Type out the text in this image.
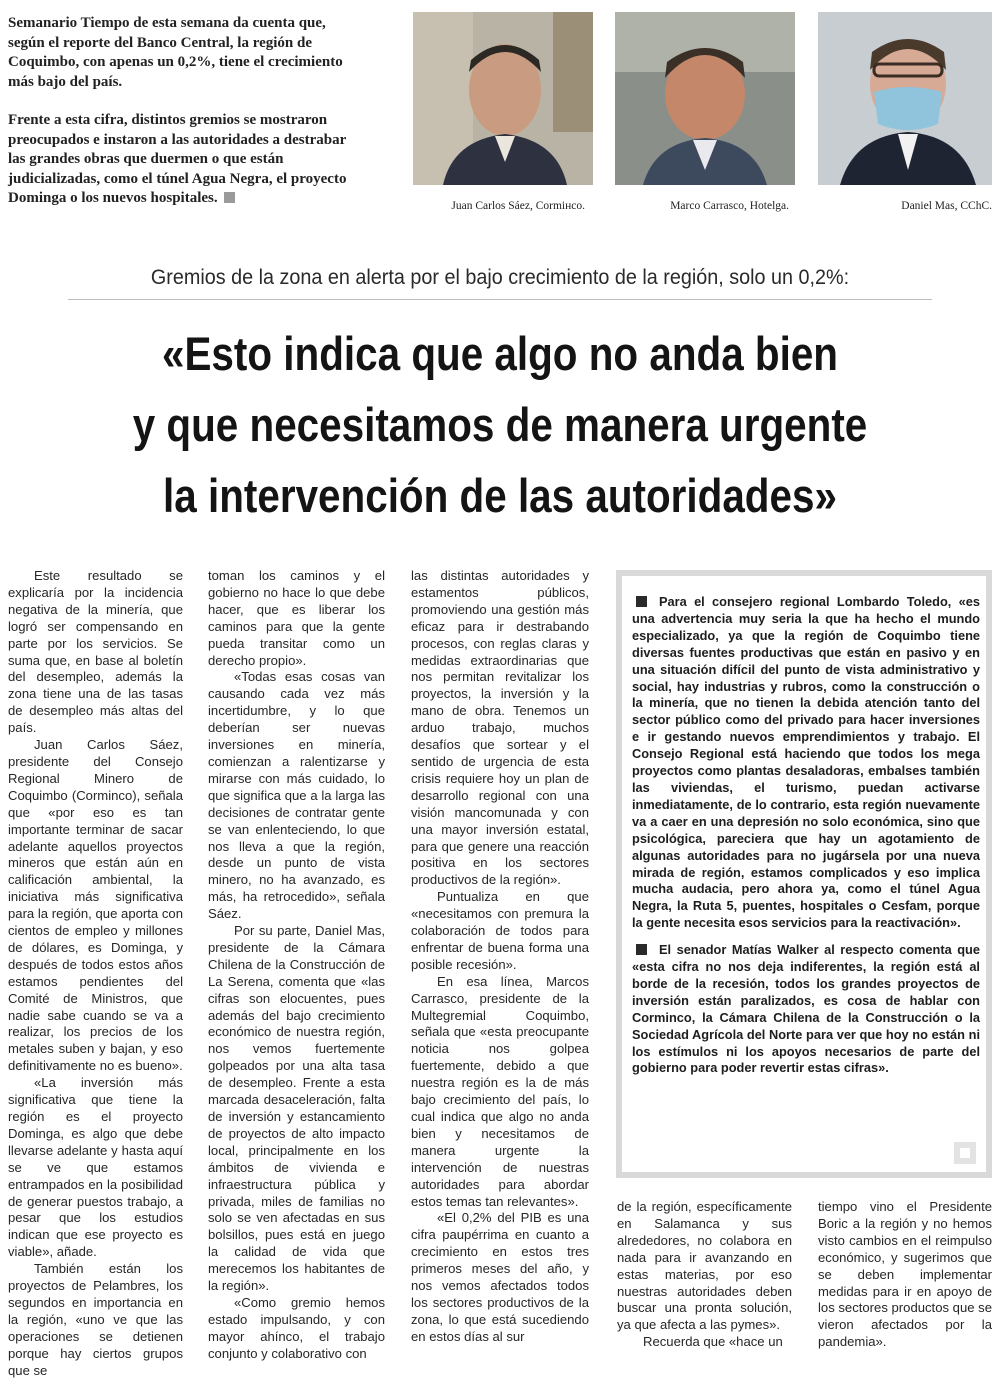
Semanario Tiempo de esta semana da cuenta que, según el reporte del Banco Central, la región de Coquimbo, con apenas un 0,2%, tiene el crecimiento más bajo del país.

Frente a esta cifra, distintos gremios se mostraron preocupados e instaron a las autoridades a destrabar las grandes obras que duermen o que están judicializadas, como el túnel Agua Negra, el proyecto Dominga o los nuevos hospitales.	Juan Carlos Sáez, Cormінco.	Marco Carrasco, Hotelga.	Daniel Mas, CChC.
Gremios de la zona en alerta por el bajo crecimiento de la región, solo un 0,2%:
«Esto indica que algo no anda bien
y que necesitamos de manera urgente
la intervención de las autoridades»

Este resultado se explicaría por la incidencia negativa de la minería, que logró ser compensando en parte por los servicios. Se suma que, en base al boletín del desempleo, además la zona tiene una de las tasas de desempleo más altas del país.

Juan Carlos Sáez, presidente del Consejo Regional Minero de Coquimbo (Corminco), señala que «por eso es tan importante terminar de sacar adelante aquellos proyectos mineros que están aún en calificación ambiental, la iniciativa más significativa para la región, que aporta con cientos de empleo y millones de dólares, es Dominga, y después de todos estos años estamos pendientes del Comité de Ministros, que nadie sabe cuando se va a realizar, los precios de los metales suben y bajan, y eso definitivamente no es bueno».

«La inversión más significativa que tiene la región es el proyecto Dominga, es algo que debe llevarse adelante y hasta aquí se ve que estamos entrampados en la posibilidad de generar puestos trabajo, a pesar que los estudios indican que ese proyecto es viable», añade.

También están los proyectos de Pelambres, los segundos en importancia en la región, «uno ve que las operaciones se detienen porque hay ciertos grupos que se

toman los caminos y el gobierno no hace lo que debe hacer, que es liberar los caminos para que la gente pueda transitar como un derecho propio».

«Todas esas cosas van causando cada vez más incertidumbre, y lo que deberían ser nuevas inversiones en minería, comienzan a ralentizarse y mirarse con más cuidado, lo que significa que a la larga las decisiones de contratar gente se van enlenteciendo, lo que nos lleva a que la región, desde un punto de vista minero, no ha avanzado, es más, ha retrocedido», señala Sáez.

Por su parte, Daniel Mas, presidente de la Cámara Chilena de la Construcción de La Serena, comenta que «las cifras son elocuentes, pues además del bajo crecimiento económico de nuestra región, nos vemos fuertemente golpeados por una alta tasa de desempleo. Frente a esta marcada desaceleración, falta de inversión y estancamiento de proyectos de alto impacto local, principalmente en los ámbitos de vivienda e infraestructura pública y privada, miles de familias no solo se ven afectadas en sus bolsillos, pues está en juego la calidad de vida que merecemos los habitantes de la región».

«Como gremio hemos estado impulsando, y con mayor ahínco, el trabajo conjunto y colaborativo con

las distintas autoridades y estamentos públicos, promoviendo una gestión más eficaz para ir destrabando procesos, con reglas claras y medidas extraordinarias que nos permitan revitalizar los proyectos, la inversión y la mano de obra. Tenemos un arduo trabajo, muchos desafíos que sortear y el sentido de urgencia de esta crisis requiere hoy un plan de desarrollo regional con una visión mancomunada y con una mayor inversión estatal, para que genere una reacción positiva en los sectores productivos de la región».

Puntualiza en que «necesitamos con premura la colaboración de todos para enfrentar de buena forma una posible recesión».

En esa línea, Marcos Carrasco, presidente de la Multegremial Coquimbo, señala que «esta preocupante noticia nos golpea fuertemente, debido a que nuestra región es la de más bajo crecimiento del país, lo cual indica que algo no anda bien y necesitamos de manera urgente la intervención de nuestras autoridades para abordar estos temas tan relevantes».

«El 0,2% del PIB es una cifra paupérrima en cuanto a crecimiento en estos tres primeros meses del año, y nos vemos afectados todos los sectores productivos de la zona, lo que está sucediendo en estos días al sur

Para el consejero regional Lombardo Toledo, «es una advertencia muy seria la que ha hecho el mundo especializado, ya que la región de Coquimbo tiene diversas fuentes productivas que están en pasivo y en una situación difícil del punto de vista administrativo y social, hay industrias y rubros, como la construcción o la minería, que no tienen la debida atención tanto del sector público como del privado para hacer inversiones e ir gestando nuevos emprendimientos y trabajo. El Consejo Regional está haciendo que todos los mega proyectos como plantas desaladoras, embalses también las viviendas, el turismo, puedan activarse inmediatamente, de lo contrario, esta región nuevamente va a caer en una depresión no solo económica, sino que psicológica, pareciera que hay un agotamiento de algunas autoridades para no jugársela por una nueva mirada de región, estamos complicados y eso implica mucha audacia, pero ahora ya, como el túnel Agua Negra, la Ruta 5, puentes, hospitales o Cesfam, porque la gente necesita esos servicios para la reactivación».

El senador Matías Walker al respecto comenta que «esta cifra no nos deja indiferentes, la región está al borde de la recesión, todos los grandes proyectos de inversión están paralizados, es cosa de hablar con Corminco, la Cámara Chilena de la Construcción o la Sociedad Agrícola del Norte para ver que hoy no están ni los estímulos ni los apoyos necesarios de parte del gobierno para poder revertir estas cifras».

de la región, específicamente en Salamanca y sus alrededores, no colabora en nada para ir avanzando en estas materias, por eso nuestras autoridades deben buscar una pronta solución, ya que afecta a las pymes».

Recuerda que «hace un

tiempo vino el Presidente Boric a la región y no hemos visto cambios en el reimpulso económico, y sugerimos que se deben implementar medidas para ir en apoyo de los sectores productos que se vieron afectados por la pandemia».
